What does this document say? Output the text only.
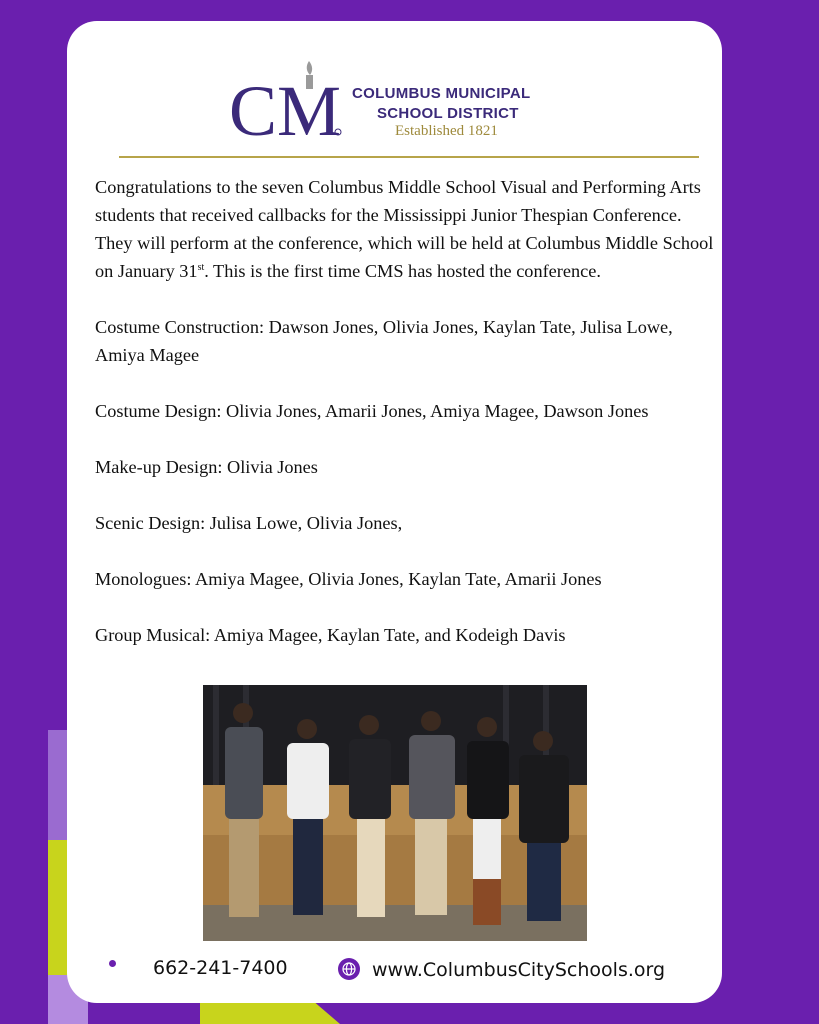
CM COLUMBUS MUNICIPAL
SCHOOL DISTRICT
Established 1821

Congratulations to the seven Columbus Middle School Visual and Performing Arts students that received callbacks for the Mississippi Junior Thespian Conference. They will perform at the conference, which will be held at Columbus Middle School on January 31st. This is the first time CMS has hosted the conference.

Costume Construction: Dawson Jones, Olivia Jones, Kaylan Tate, Julisa Lowe, Amiya Magee

Costume Design: Olivia Jones, Amarii Jones, Amiya Magee, Dawson Jones

Make-up Design: Olivia Jones

Scenic Design: Julisa Lowe, Olivia Jones,

Monologues: Amiya Magee, Olivia Jones, Kaylan Tate, Amarii Jones

Group Musical: Amiya Magee, Kaylan Tate, and Kodeigh Davis

662-241-7400	www.ColumbusCitySchools.org
